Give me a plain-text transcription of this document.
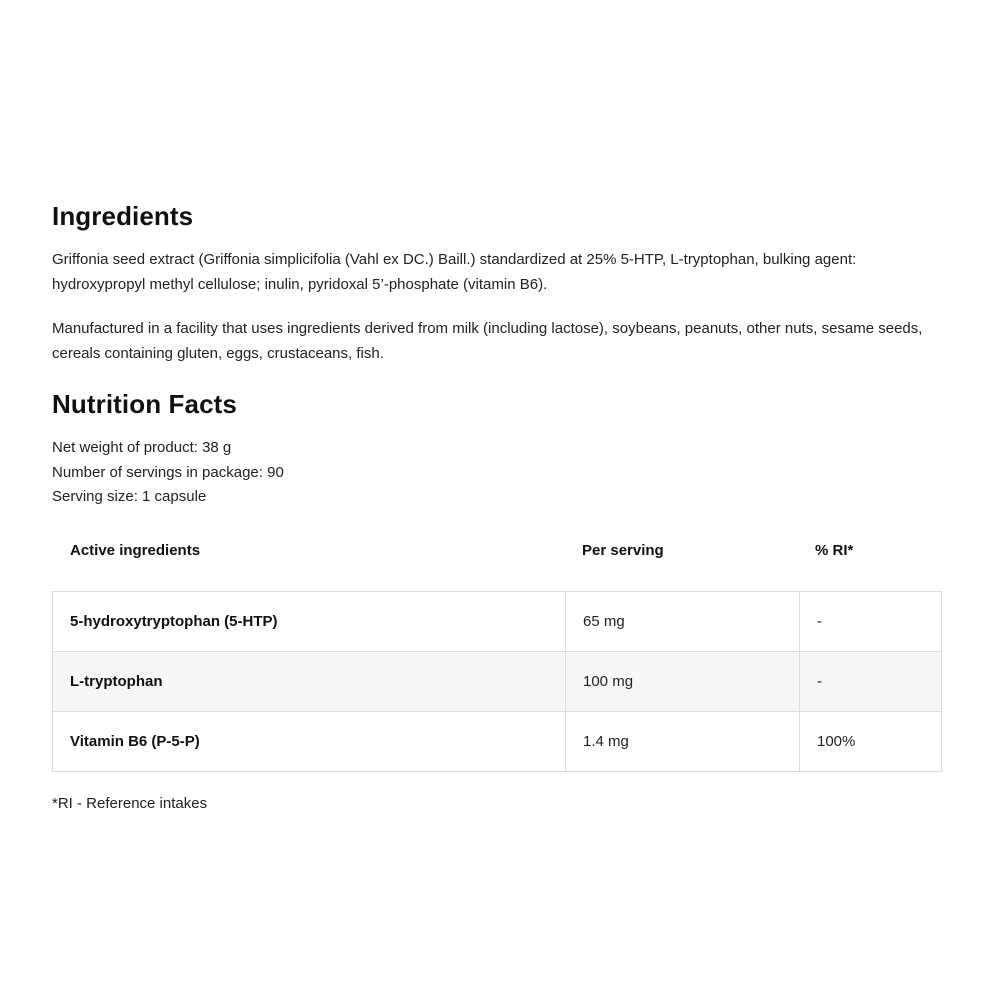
Ingredients

Griffonia seed extract (Griffonia simplicifolia (Vahl ex DC.) Baill.) standardized at 25% 5-HTP, L-tryptophan, bulking agent: hydroxypropyl methyl cellulose; inulin, pyridoxal 5’-phosphate (vitamin B6).

Manufactured in a facility that uses ingredients derived from milk (including lactose), soybeans, peanuts, other nuts, sesame seeds, cereals containing gluten, eggs, crustaceans, fish.

Nutrition Facts
Net weight of product: 38 g
Number of servings in package: 90
Serving size: 1 capsule
Active ingredients	Per serving	% RI*
5-hydroxytryptophan (5-HTP)	65 mg	-
L-tryptophan	100 mg	-
Vitamin B6 (P-5-P)	1.4 mg	100%
*RI - Reference intakes
